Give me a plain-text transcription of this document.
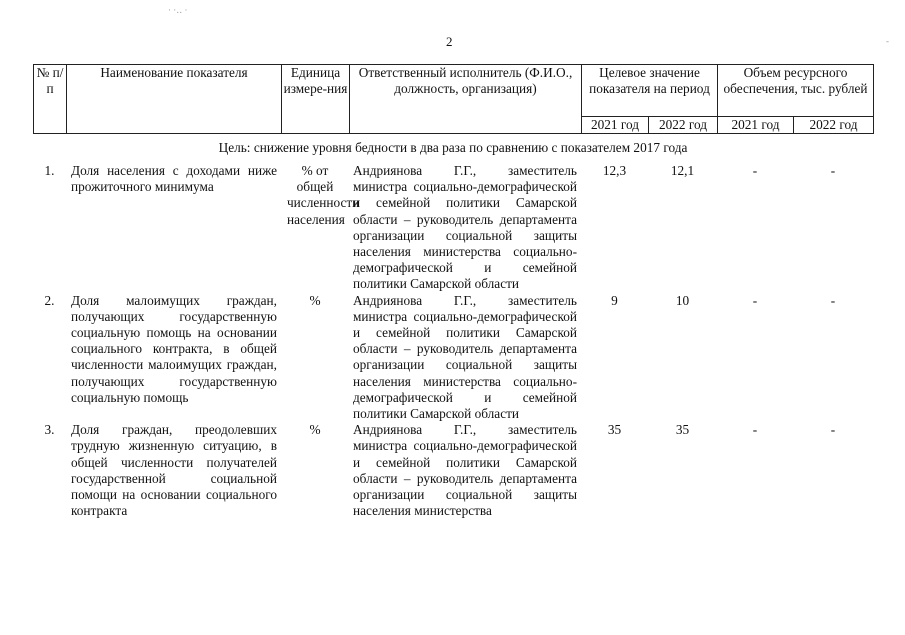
· ·‥ ·
-
2
№ п/п	Наименование показателя	Единица измере-ния	Ответственный исполнитель (Ф.И.О., должность, организация)	Целевое значение показателя на период		Объем ресурсного обеспечения, тыс. рублей	
				2021 год	2022 год	2021 год	2022 год
Цель: снижение уровня бедности в два раза по сравнению с показателем 2017 года
1.	Доля населения с доходами ниже прожиточного минимума	% от общей численности населения	Андриянова Г.Г., заместитель министра социально-демографической и семейной политики Самарской области – руководитель департамента организации социальной защиты населения министерства социально-демографической и семейной политики Самарской области	12,3	12,1	-	-
2.	Доля малоимущих граждан, получающих государственную социальную помощь на основании социального контракта, в общей численности малоимущих граждан, получающих государственную социальную помощь	%	Андриянова Г.Г., заместитель министра социально-демографической и семейной политики Самарской области – руководитель департамента организации социальной защиты населения министерства социально-демографической и семейной политики Самарской области	9	10	-	-
3.	Доля граждан, преодолевших трудную жизненную ситуацию, в общей численности получателей государственной социальной помощи на основании социального контракта	%	Андриянова Г.Г., заместитель министра социально-демографической и семейной политики Самарской области – руководитель департамента организации социальной защиты населения министерства	35	35	-	-
